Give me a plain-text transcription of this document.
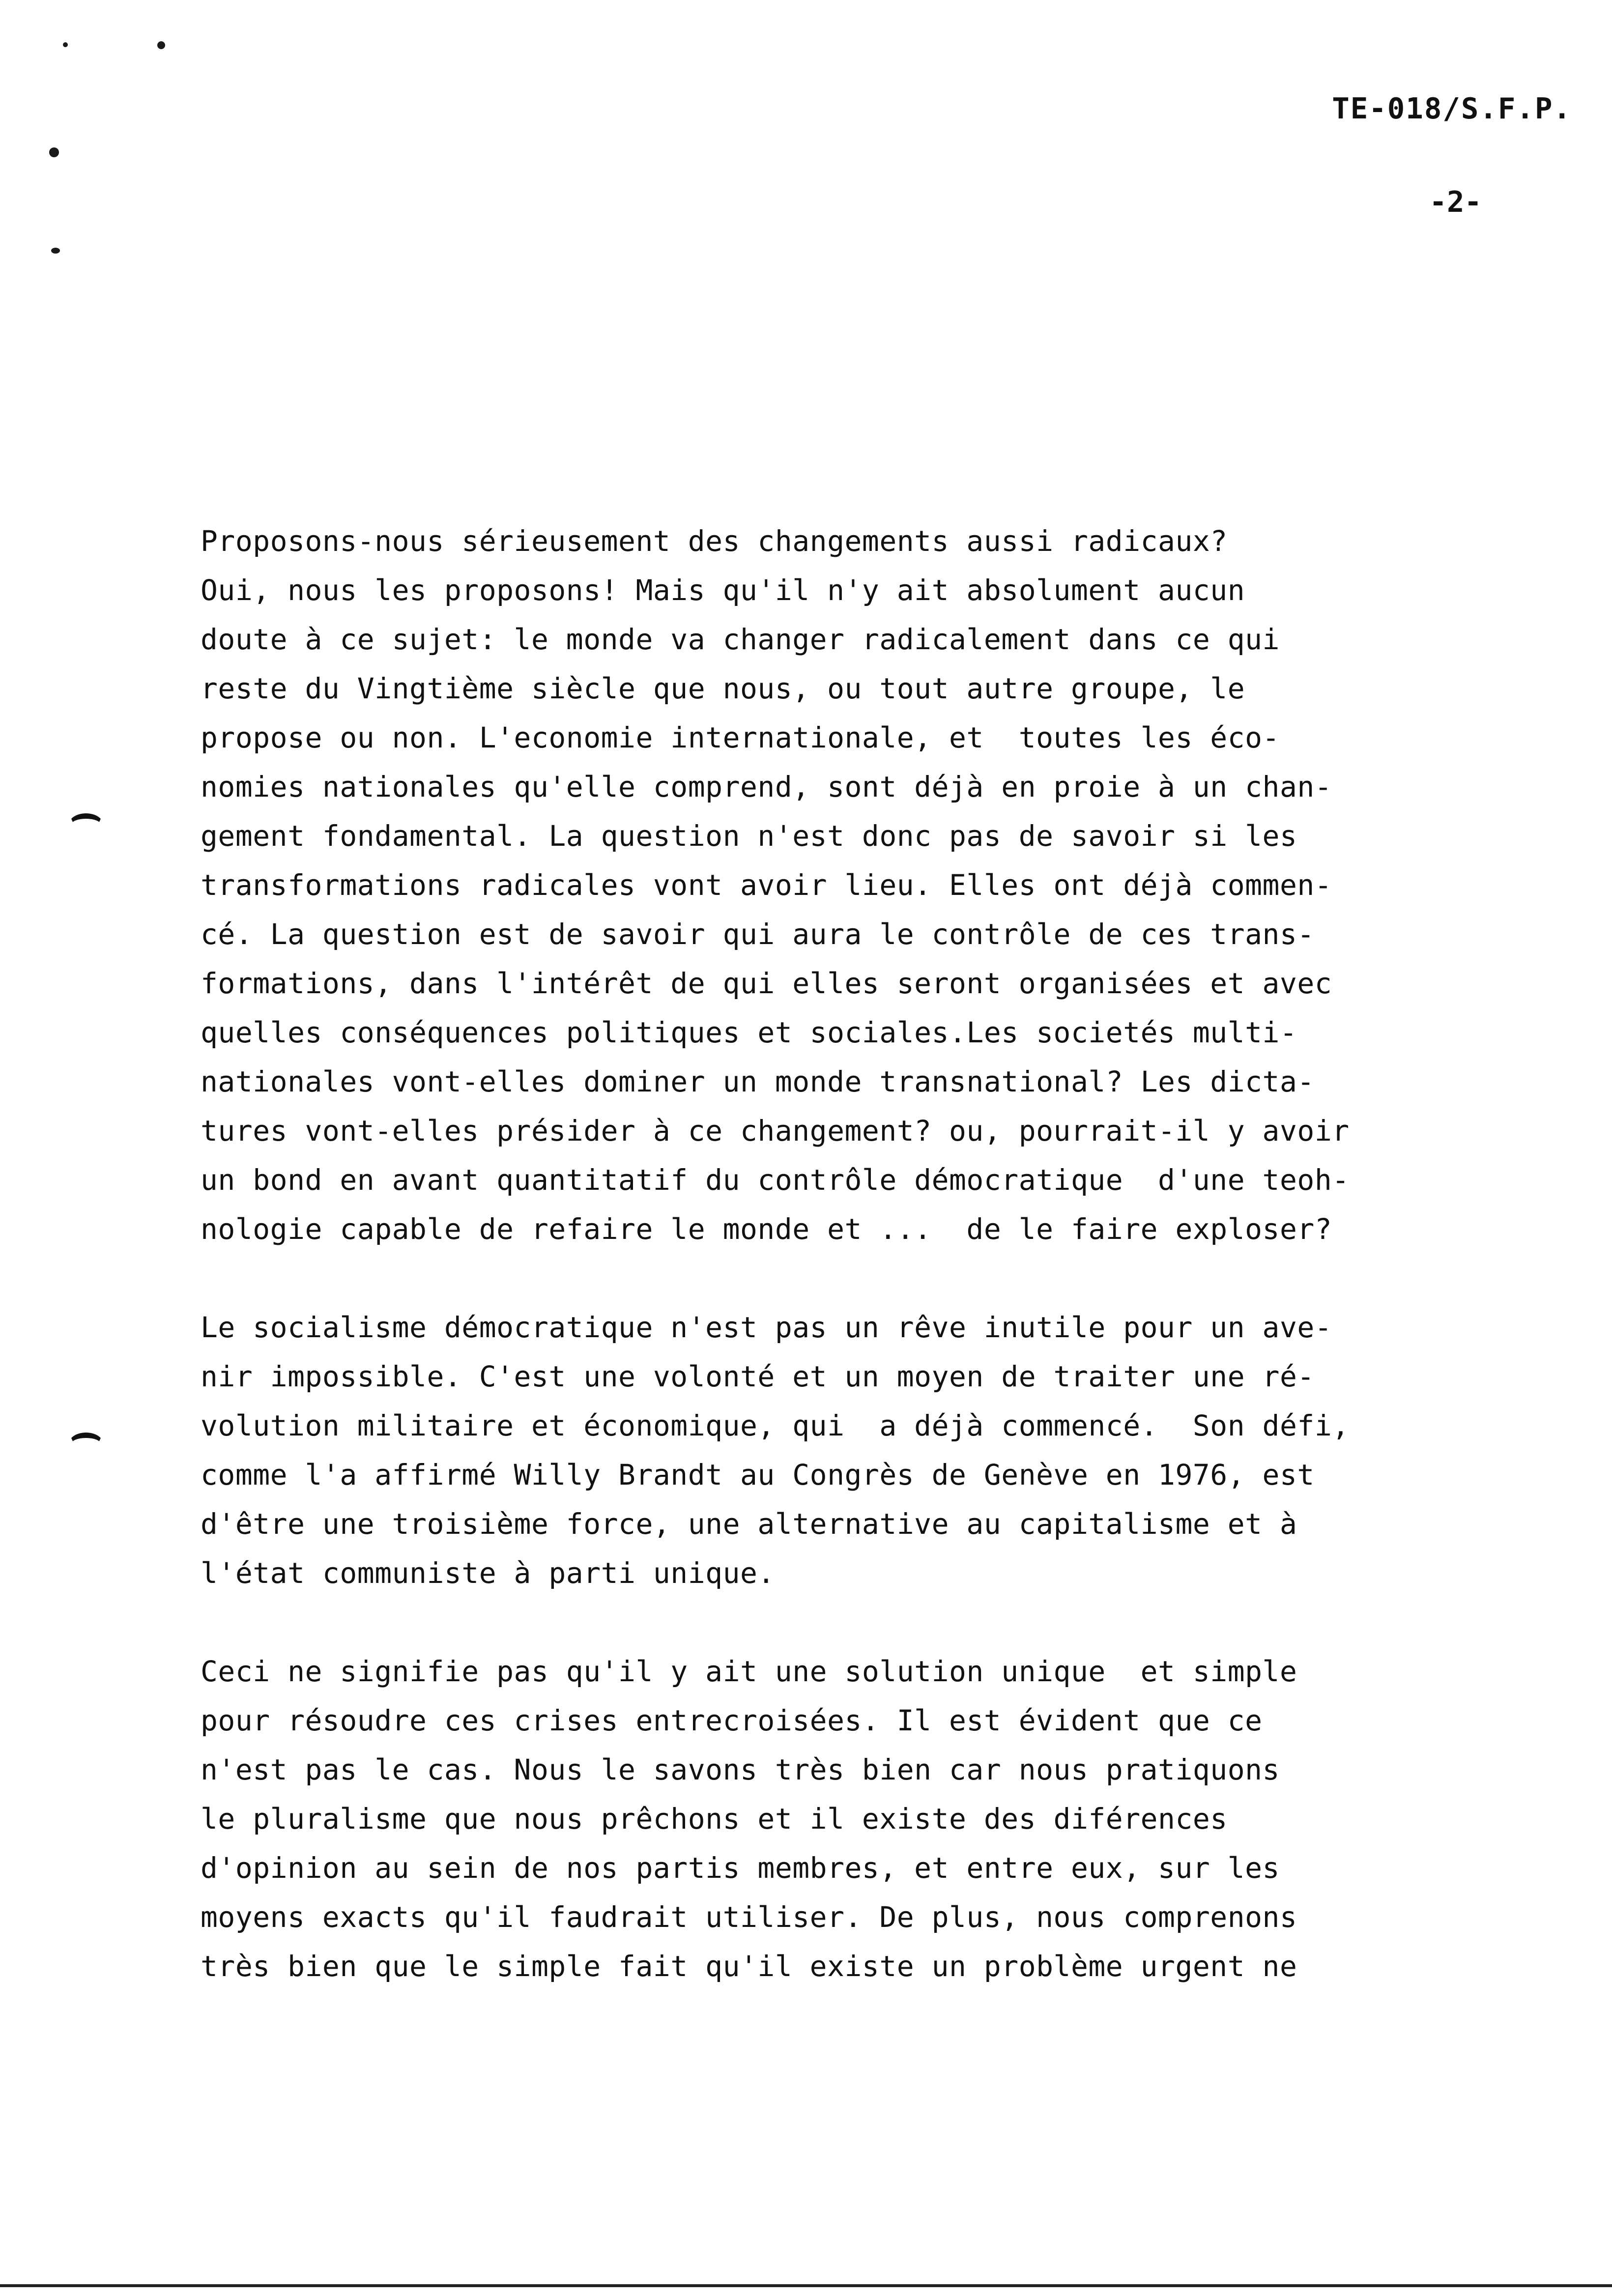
TE-018/S.F.P.
-2-
Proposons-nous sérieusement des changements aussi radicaux?
Oui, nous les proposons! Mais qu'il n'y ait absolument aucun
doute à ce sujet: le monde va changer radicalement dans ce qui
reste du Vingtième siècle que nous, ou tout autre groupe, le
propose ou non. L'economie internationale, et  toutes les éco-
nomies nationales qu'elle comprend, sont déjà en proie à un chan-
gement fondamental. La question n'est donc pas de savoir si les
transformations radicales vont avoir lieu. Elles ont déjà commen-
cé. La question est de savoir qui aura le contrôle de ces trans-
formations, dans l'intérêt de qui elles seront organisées et avec
quelles conséquences politiques et sociales.Les societés multi-
nationales vont-elles dominer un monde transnational? Les dicta-
tures vont-elles présider à ce changement? ou, pourrait-il y avoir
un bond en avant quantitatif du contrôle démocratique  d'une teoh-
nologie capable de refaire le monde et ...  de le faire exploser?
Le socialisme démocratique n'est pas un rêve inutile pour un ave-
nir impossible. C'est une volonté et un moyen de traiter une ré-
volution militaire et économique, qui  a déjà commencé.  Son défi,
comme l'a affirmé Willy Brandt au Congrès de Genève en 1976, est
d'être une troisième force, une alternative au capitalisme et à
l'état communiste à parti unique.
Ceci ne signifie pas qu'il y ait une solution unique  et simple
pour résoudre ces crises entrecroisées. Il est évident que ce
n'est pas le cas. Nous le savons très bien car nous pratiquons
le pluralisme que nous prêchons et il existe des diférences
d'opinion au sein de nos partis membres, et entre eux, sur les
moyens exacts qu'il faudrait utiliser. De plus, nous comprenons
très bien que le simple fait qu'il existe un problème urgent ne
